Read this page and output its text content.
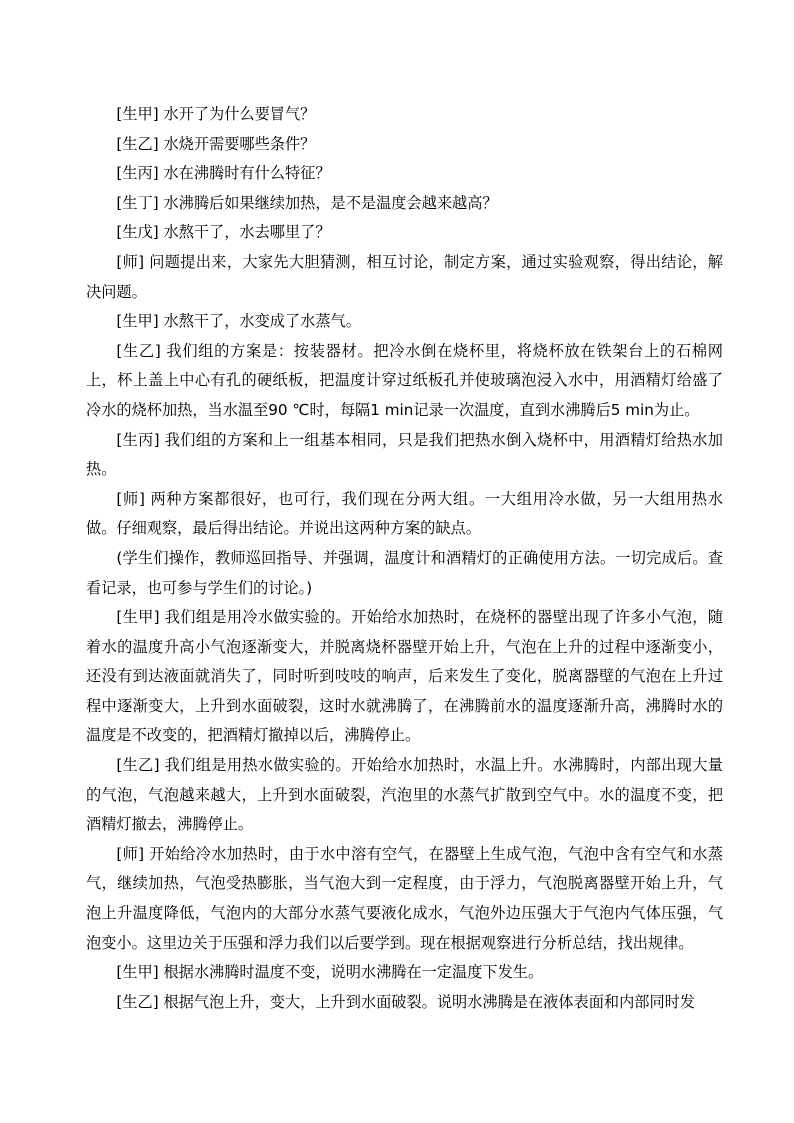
[生甲] 水开了为什么要冒气？

[生乙] 水烧开需要哪些条件？

[生丙] 水在沸腾时有什么特征？

[生丁] 水沸腾后如果继续加热，是不是温度会越来越高？

[生戊] 水熬干了，水去哪里了？

[师] 问题提出来，大家先大胆猜测，相互讨论，制定方案，通过实验观察，得出结论，解决问题。

[生甲] 水熬干了，水变成了水蒸气。

[生乙] 我们组的方案是：按装器材。把冷水倒在烧杯里，将烧杯放在铁架台上的石棉网上，杯上盖上中心有孔的硬纸板，把温度计穿过纸板孔并使玻璃泡浸入水中，用酒精灯给盛了冷水的烧杯加热，当水温至90 ℃时，每隔1 min记录一次温度，直到水沸腾后5 min为止。

[生丙] 我们组的方案和上一组基本相同，只是我们把热水倒入烧杯中，用酒精灯给热水加热。

[师] 两种方案都很好，也可行，我们现在分两大组。一大组用冷水做，另一大组用热水做。仔细观察，最后得出结论。并说出这两种方案的缺点。

(学生们操作，教师巡回指导、并强调，温度计和酒精灯的正确使用方法。一切完成后。查看记录，也可参与学生们的讨论。)

[生甲] 我们组是用冷水做实验的。开始给水加热时，在烧杯的器壁出现了许多小气泡，随着水的温度升高小气泡逐渐变大，并脱离烧杯器壁开始上升，气泡在上升的过程中逐渐变小，还没有到达液面就消失了，同时听到吱吱的响声，后来发生了变化，脱离器壁的气泡在上升过程中逐渐变大，上升到水面破裂，这时水就沸腾了，在沸腾前水的温度逐渐升高，沸腾时水的温度是不改变的，把酒精灯撤掉以后，沸腾停止。

[生乙] 我们组是用热水做实验的。开始给水加热时，水温上升。水沸腾时，内部出现大量的气泡，气泡越来越大，上升到水面破裂，汽泡里的水蒸气扩散到空气中。水的温度不变，把酒精灯撤去，沸腾停止。

[师] 开始给冷水加热时，由于水中溶有空气，在器壁上生成气泡，气泡中含有空气和水蒸气，继续加热，气泡受热膨胀，当气泡大到一定程度，由于浮力，气泡脱离器壁开始上升，气泡上升温度降低，气泡内的大部分水蒸气要液化成水，气泡外边压强大于气泡内气体压强，气泡变小。这里边关于压强和浮力我们以后要学到。现在根据观察进行分析总结，找出规律。

[生甲] 根据水沸腾时温度不变，说明水沸腾在一定温度下发生。

[生乙] 根据气泡上升，变大，上升到水面破裂。说明水沸腾是在液体表面和内部同时发
